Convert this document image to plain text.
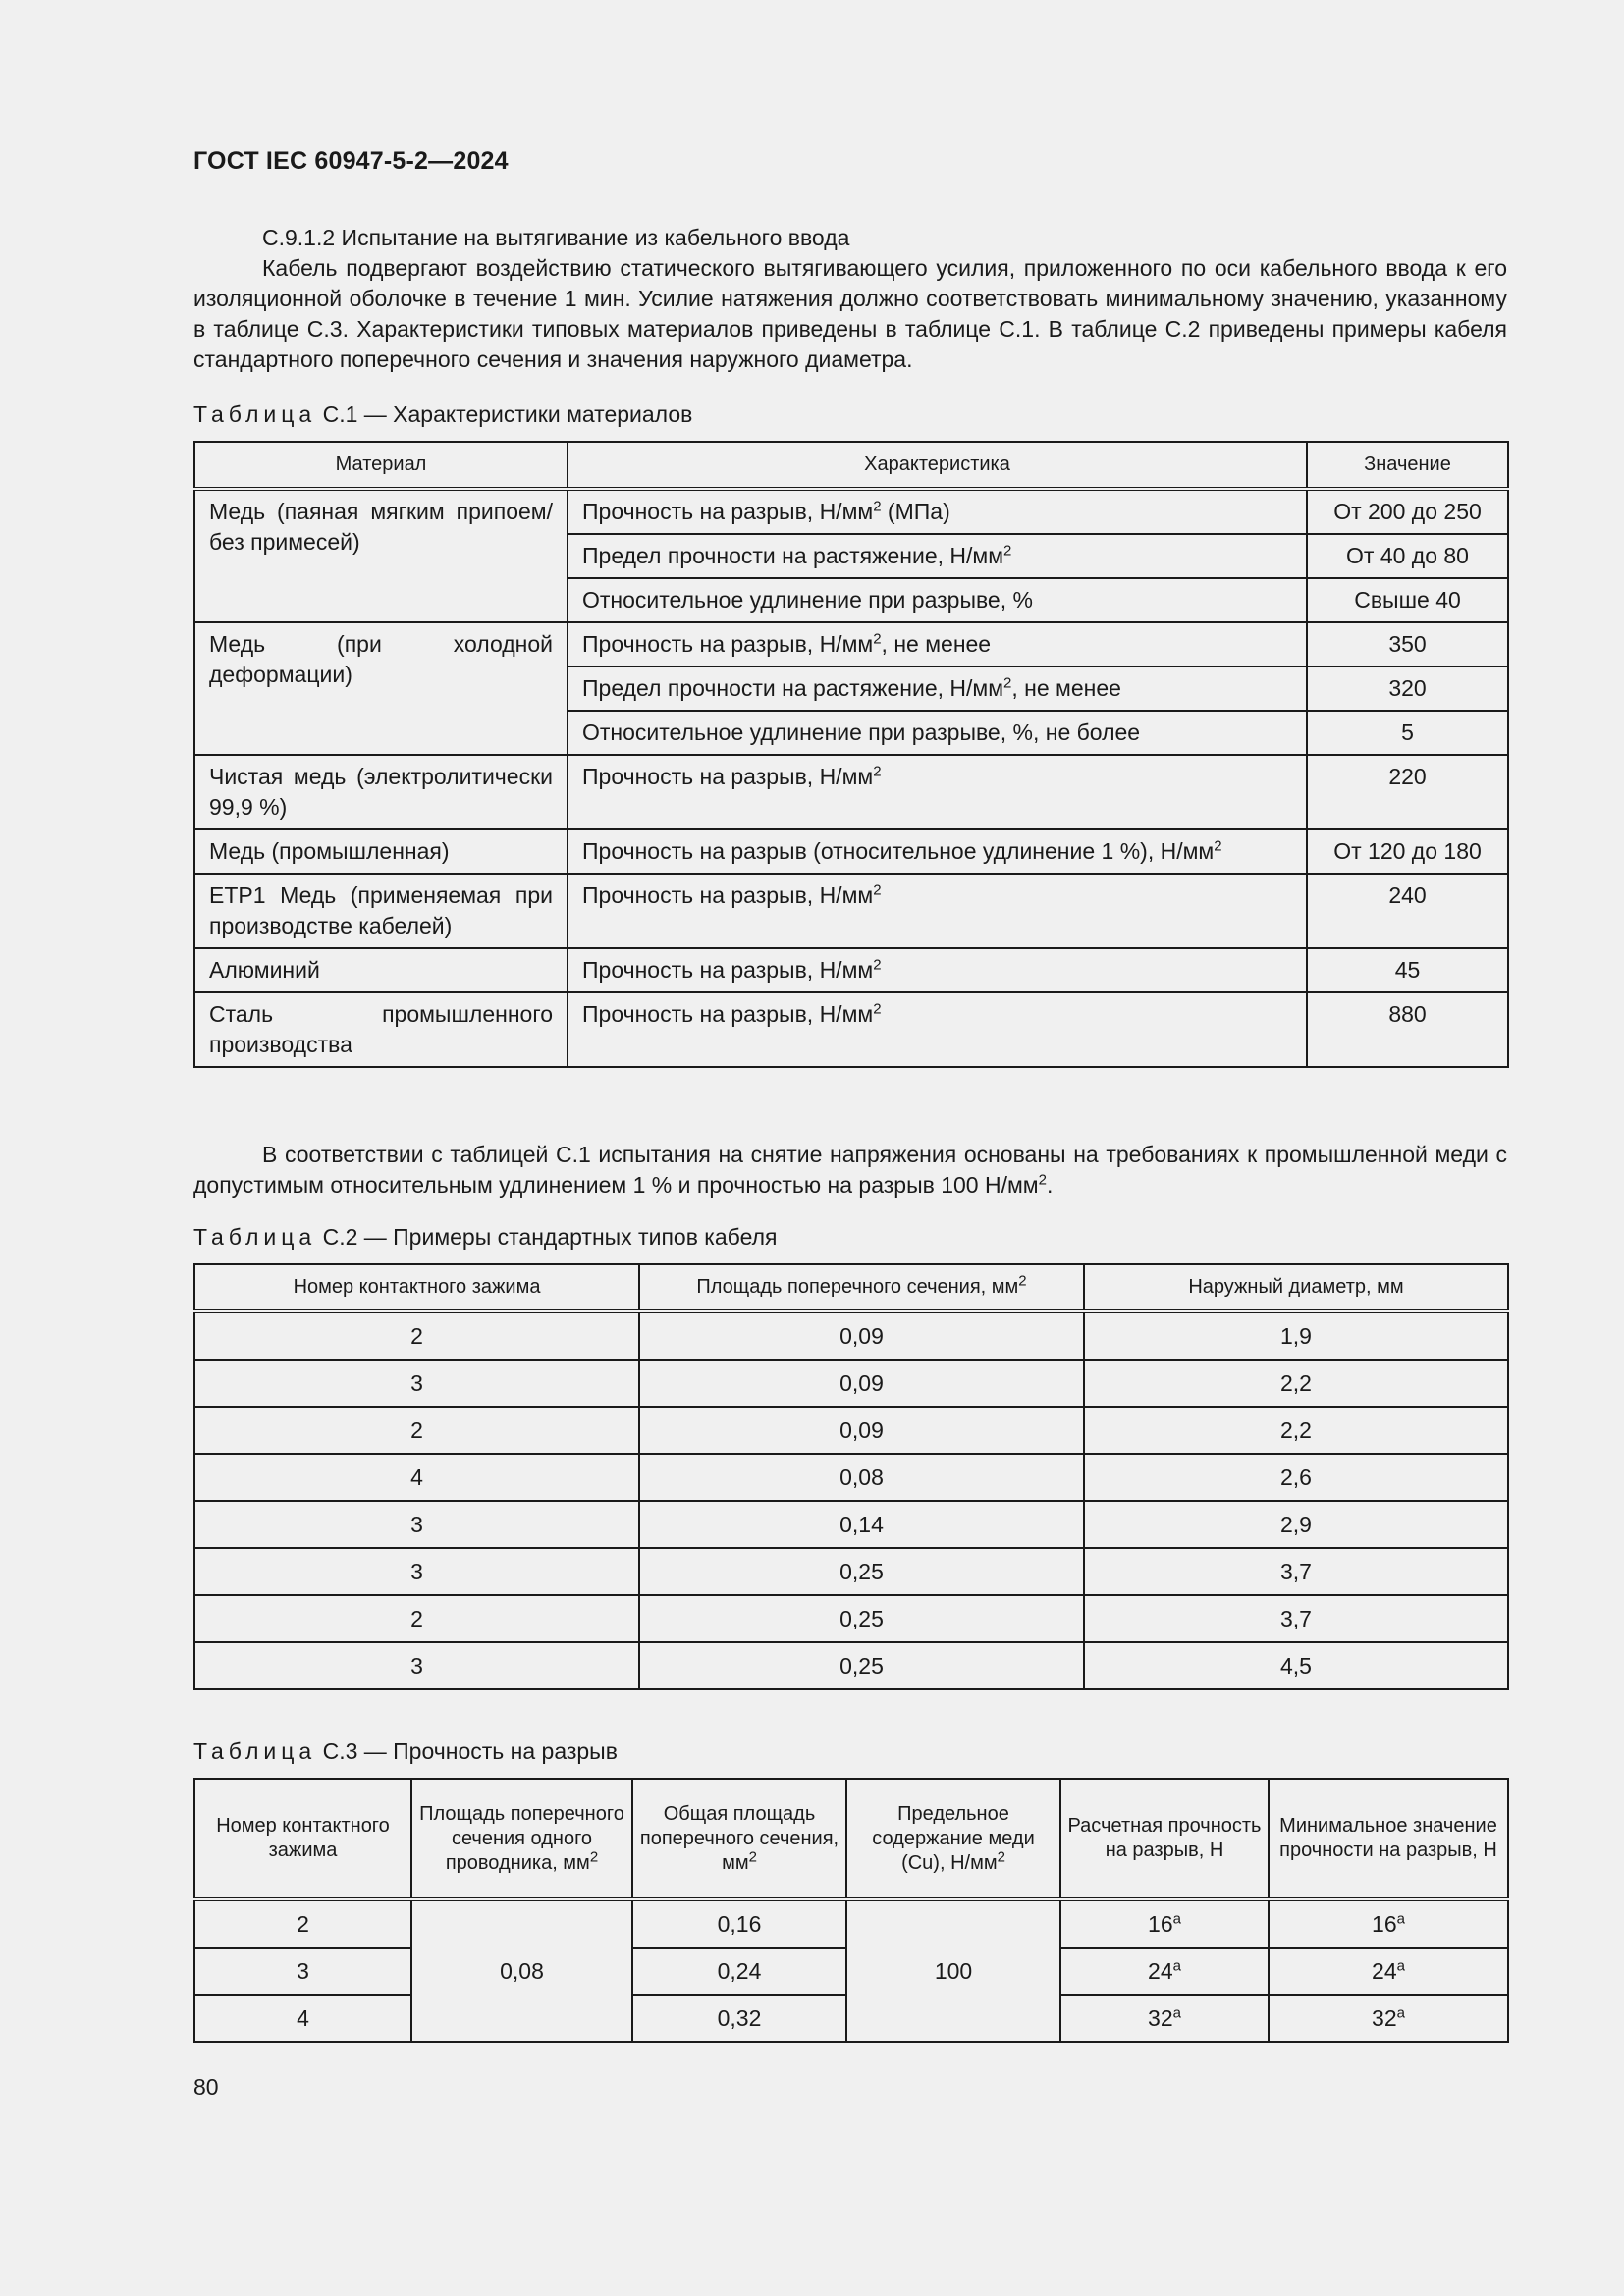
ГОСТ IEC 60947-5-2—2024
С.9.1.2 Испытание на вытягивание из кабельного ввода
Кабель подвергают воздействию статического вытягивающего усилия, приложенного по оси кабельного ввода к его изоляционной оболочке в течение 1 мин. Усилие натяжения должно соответствовать минимальному значению, указанному в таблице С.3. Характеристики типовых материалов приведены в таблице С.1. В таблице С.2 приведены примеры кабеля стандартного поперечного сечения и значения наружного диаметра.
Таблица С.1 — Характеристики материалов
Материал	Характеристика	Значение
Медь (паяная мягким припоем/без примесей)	Прочность на разрыв, $Н/мм^2$ (МПа)	От 200 до 250
	Предел прочности на растяжение, $Н/мм^2$	От 40 до 80
	Относительное удлинение при разрыве, %	Свыше 40
Медь (при холодной деформации)	Прочность на разрыв, $Н/мм^2$, не менее	350
	Предел прочности на растяжение, $Н/мм^2$, не менее	320
	Относительное удлинение при разрыве, %, не более	5
Чистая медь (электролитически 99,9 %)	Прочность на разрыв, $Н/мм^2$	220
Медь (промышленная)	Прочность на разрыв (относительное удлинение 1 %), $Н/мм^2$	От 120 до 180
ETP1 Медь (применяемая при производстве кабелей)	Прочность на разрыв, $Н/мм^2$	240
Алюминий	Прочность на разрыв, $Н/мм^2$	45
Сталь промышленного производства	Прочность на разрыв, $Н/мм^2$	880
В соответствии с таблицей С.1 испытания на снятие напряжения основаны на требованиях к промышленной меди с допустимым относительным удлинением 1 % и прочностью на разрыв 100 $Н/мм^2$.
Таблица С.2 — Примеры стандартных типов кабеля
Номер контактного зажима	Площадь поперечного сечения, $мм^2$	Наружный диаметр, мм
2	0,09	1,9
3	0,09	2,2
2	0,09	2,2
4	0,08	2,6
3	0,14	2,9
3	0,25	3,7
2	0,25	3,7
3	0,25	4,5
Таблица С.3 — Прочность на разрыв
Номер контактного зажима	Площадь поперечного сечения одного проводника, $мм^2$	Общая площадь поперечного сечения, $мм^2$	Предельное содержание меди (Cu), $Н/мм^2$	Расчетная прочность на разрыв, Н	Минимальное значение прочности на разрыв, Н
2	0,08	0,16	100	16$^a$	16$^a$
3		0,24		24$^a$	24$^a$
4		0,32		32$^a$	32$^a$
80
